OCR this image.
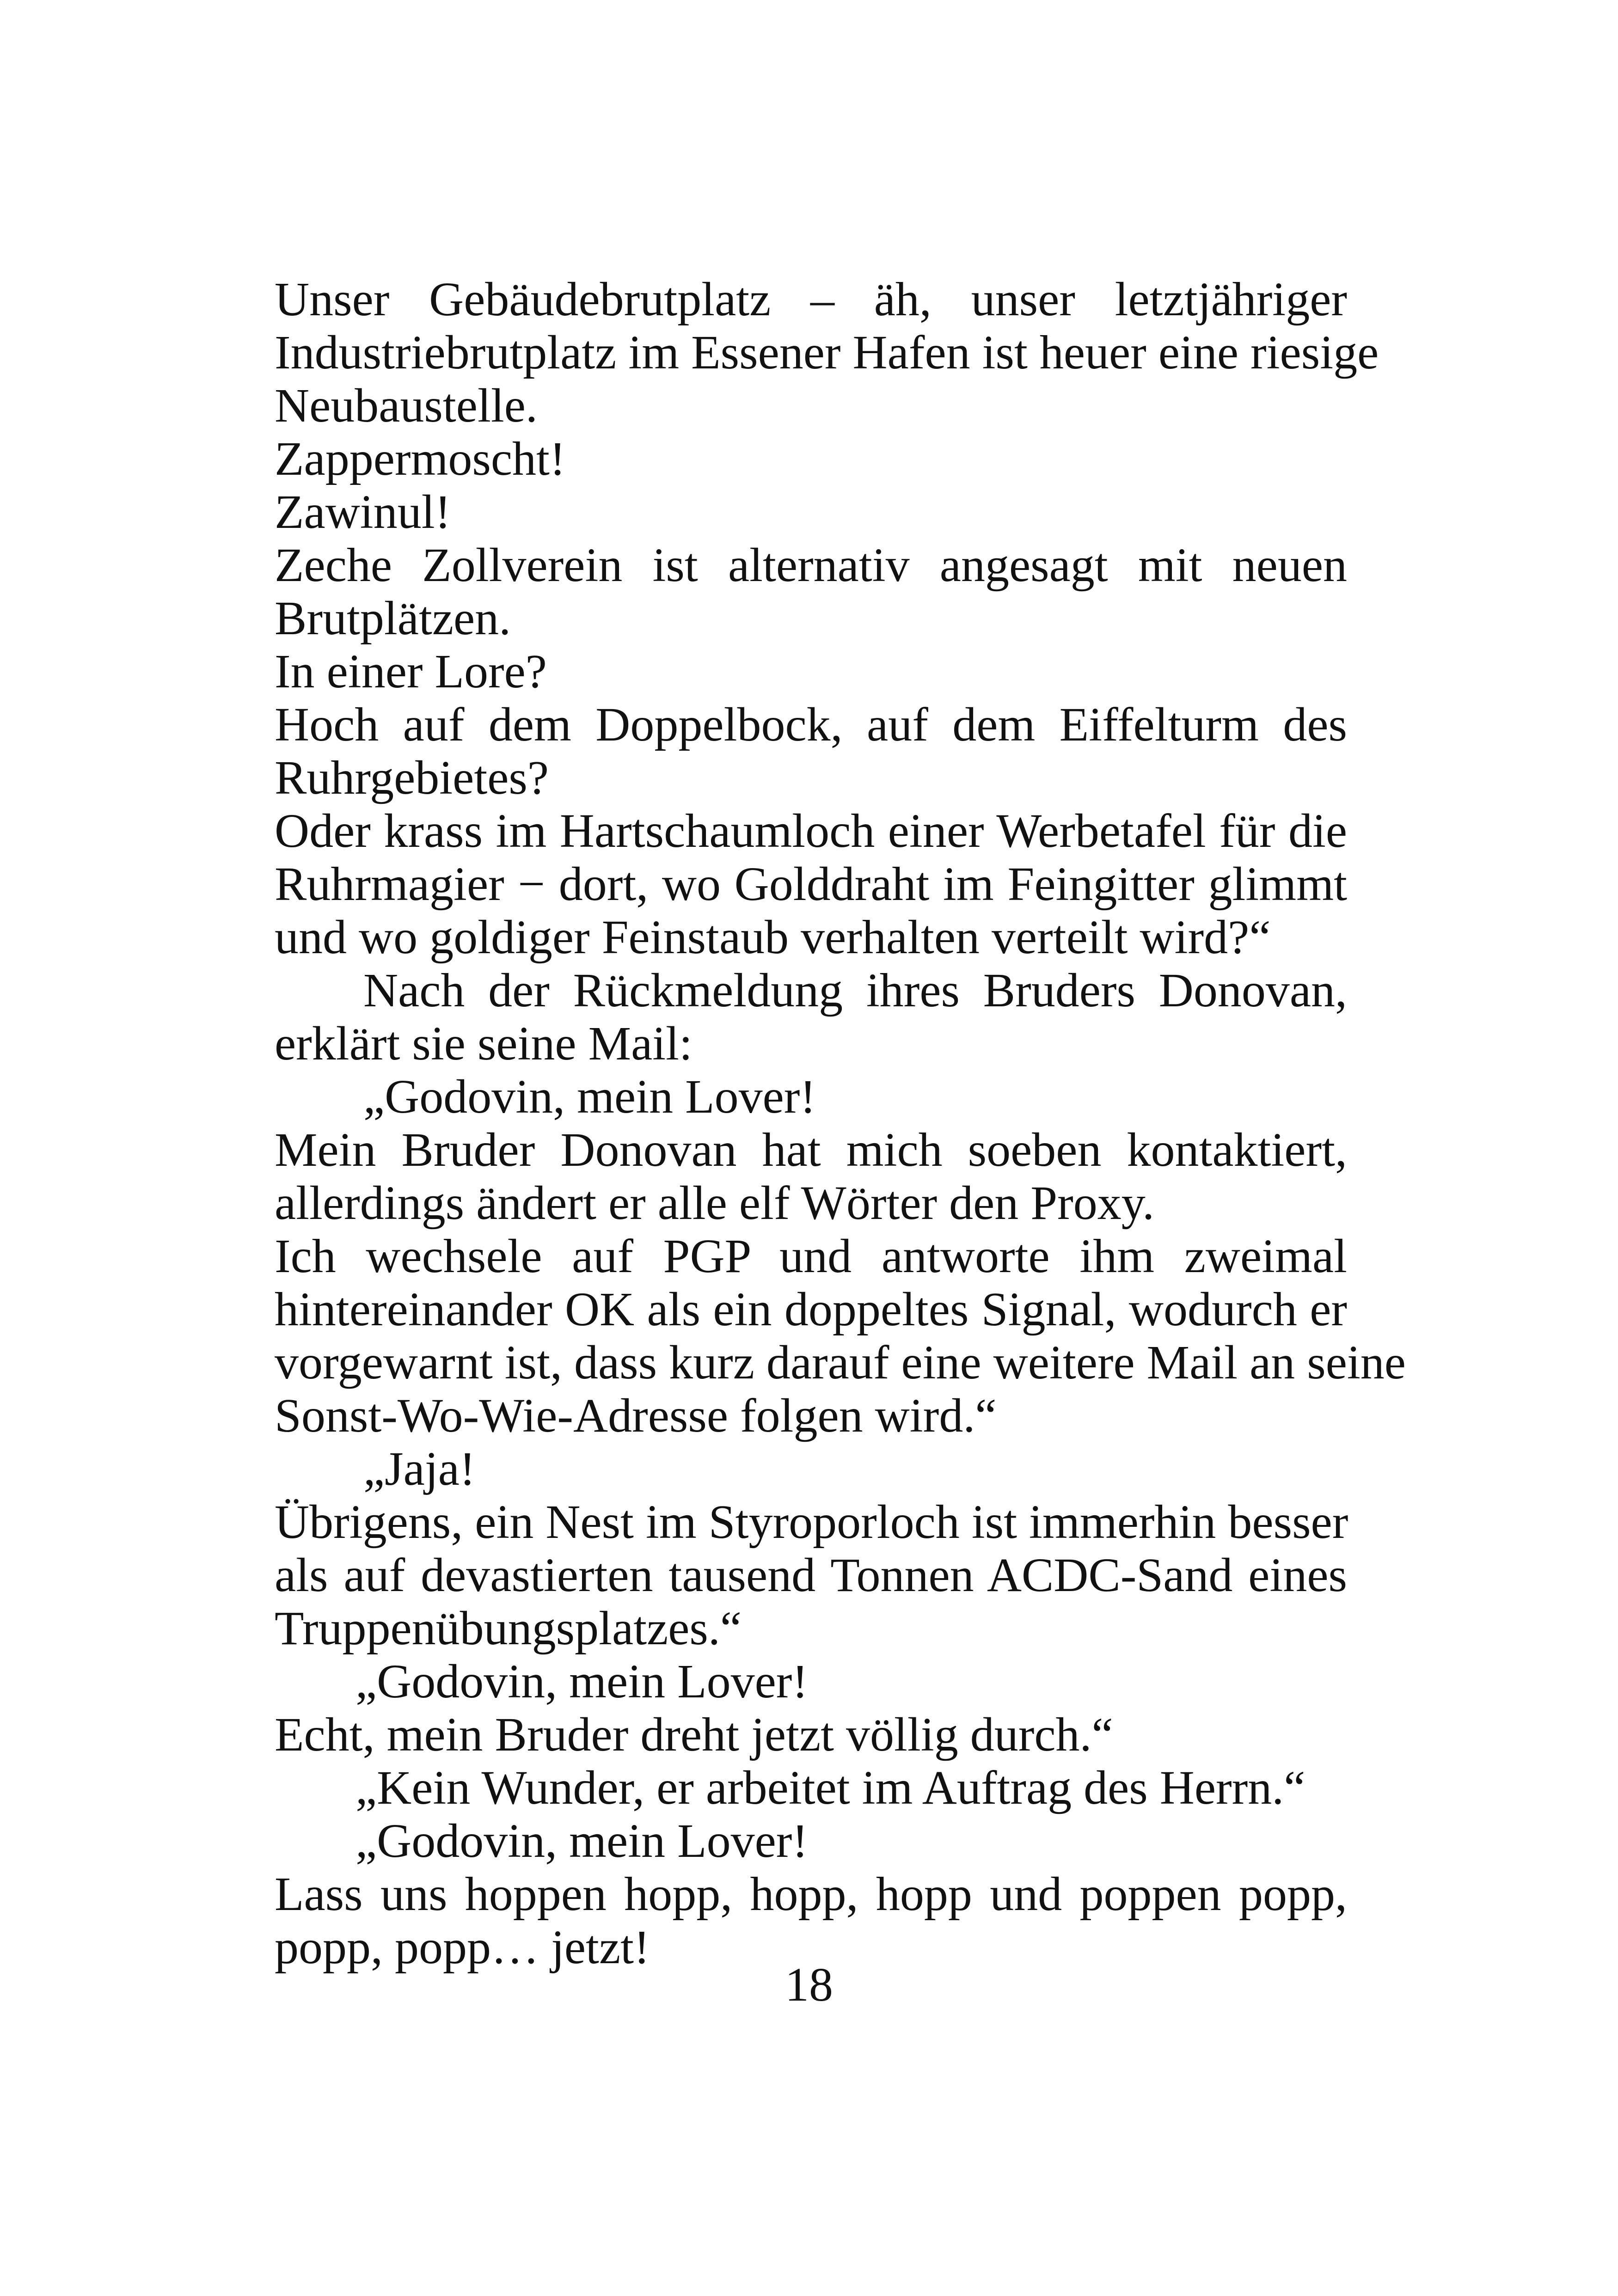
Unser Gebäudebrutplatz – äh, unser letztjähriger
Industriebrutplatz im Essener Hafen ist heuer eine riesige
Neubaustelle.
Zappermoscht!
Zawinul!
Zeche Zollverein ist alternativ angesagt mit neuen
Brutplätzen.
In einer Lore?
Hoch auf dem Doppelbock, auf dem Eiffelturm des
Ruhrgebietes?
Oder krass im Hartschaumloch einer Werbetafel für die
Ruhrmagier − dort, wo Golddraht im Feingitter glimmt
und wo goldiger Feinstaub verhalten verteilt wird?“
Nach der Rückmeldung ihres Bruders Donovan,
erklärt sie seine Mail:
„Godovin, mein Lover!
Mein Bruder Donovan hat mich soeben kontaktiert,
allerdings ändert er alle elf Wörter den Proxy.
Ich wechsele auf PGP und antworte ihm zweimal
hintereinander OK als ein doppeltes Signal, wodurch er
vorgewarnt ist, dass kurz darauf eine weitere Mail an seine
Sonst-Wo-Wie-Adresse folgen wird.“
„Jaja!
Übrigens, ein Nest im Styroporloch ist immerhin besser
als auf devastierten tausend Tonnen ACDC-Sand eines
Truppenübungsplatzes.“
„Godovin, mein Lover!
Echt, mein Bruder dreht jetzt völlig durch.“
„Kein Wunder, er arbeitet im Auftrag des Herrn.“
„Godovin, mein Lover!
Lass uns hoppen hopp, hopp, hopp und poppen popp,
popp, popp… jetzt!
18
